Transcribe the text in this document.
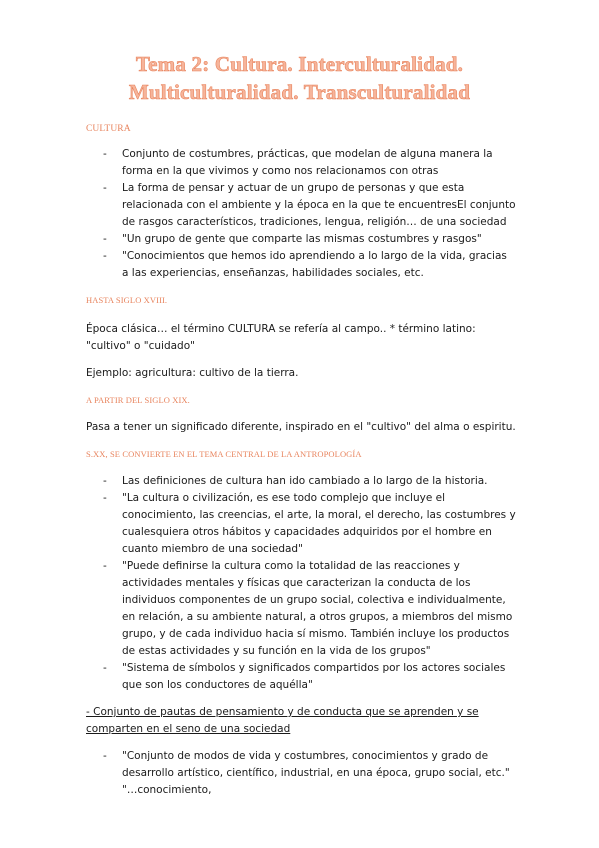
Tema 2: Cultura. Interculturalidad.
Multiculturalidad. Transculturalidad
CULTURA
- Conjunto de costumbres, prácticas, que modelan de alguna manera la forma en la que vivimos y como nos relacionamos con otras
- La forma de pensar y actuar de un grupo de personas y que esta relacionada con el ambiente y la época en la que te encuentresEl conjunto de rasgos característicos, tradiciones, lengua, religión… de una sociedad
- "Un grupo de gente que comparte las mismas costumbres y rasgos"
- "Conocimientos que hemos ido aprendiendo a lo largo de la vida, gracias a las experiencias, enseñanzas, habilidades sociales, etc.
HASTA SIGLO XVIII.

Época clásica… el término CULTURA se refería al campo.. * término latino: "cultivo" o "cuidado"

Ejemplo: agricultura: cultivo de la tierra.

A PARTIR DEL SIGLO XIX.

Pasa a tener un significado diferente, inspirado en el "cultivo" del alma o espiritu.

S.XX, SE CONVIERTE EN EL TEMA CENTRAL DE LA ANTROPOLOGÍA
- Las definiciones de cultura han ido cambiado a lo largo de la historia.
- "La cultura o civilización, es ese todo complejo que incluye el conocimiento, las creencias, el arte, la moral, el derecho, las costumbres y cualesquiera otros hábitos y capacidades adquiridos por el hombre en cuanto miembro de una sociedad"
- "Puede definirse la cultura como la totalidad de las reacciones y actividades mentales y físicas que caracterizan la conducta de los individuos componentes de un grupo social, colectiva e individualmente, en relación, a su ambiente natural, a otros grupos, a miembros del mismo grupo, y de cada individuo hacia sí mismo. También incluye los productos de estas actividades y su función en la vida de los grupos"
- "Sistema de símbolos y significados compartidos por los actores sociales que son los conductores de aquélla"

- Conjunto de pautas de pensamiento y de conducta que se aprenden y se comparten en el seno de una sociedad

- "Conjunto de modos de vida y costumbres, conocimientos y grado de desarrollo artístico, científico, industrial, en una época, grupo social, etc." "…conocimiento,
